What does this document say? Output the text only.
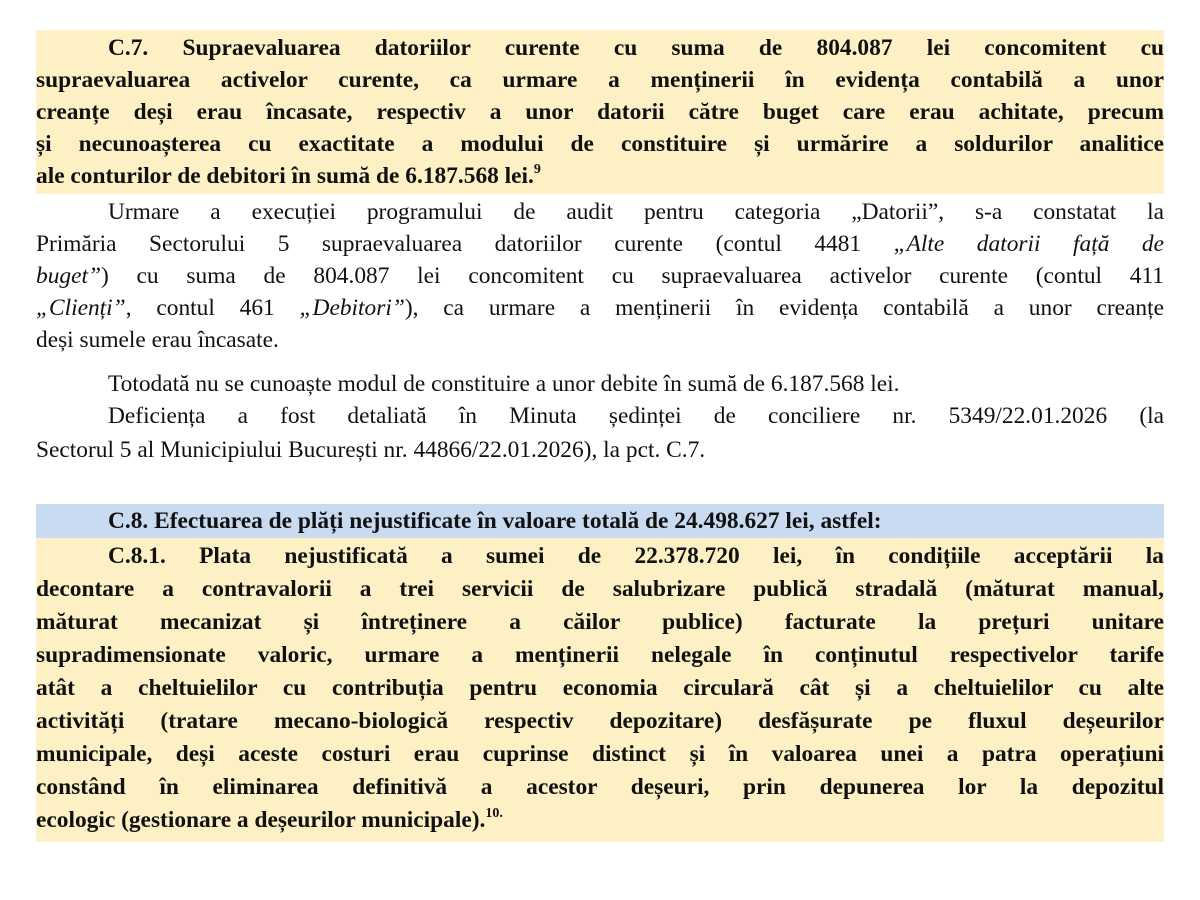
C.7. Supraevaluarea datoriilor curente cu suma de 804.087 lei concomitent cu
supraevaluarea activelor curente, ca urmare a menținerii în evidența contabilă a unor
creanțe deși erau încasate, respectiv a unor datorii către buget care erau achitate, precum
și necunoașterea cu exactitate a modului de constituire și urmărire a soldurilor analitice
ale conturilor de debitori în sumă de 6.187.568 lei.$^9$
Urmare a execuției programului de audit pentru categoria „Datorii”, s-a constatat la
Primăria Sectorului 5 supraevaluarea datoriilor curente (contul 4481 „Alte datorii față de
buget”) cu suma de 804.087 lei concomitent cu supraevaluarea activelor curente (contul 411
„Clienți”, contul 461 „Debitori”), ca urmare a menținerii în evidența contabilă a unor creanțe
deși sumele erau încasate.
Totodată nu se cunoaște modul de constituire a unor debite în sumă de 6.187.568 lei.
Deficiența a fost detaliată în Minuta ședinței de conciliere nr. 5349/22.01.2026 (la
Sectorul 5 al Municipiului București nr. 44866/22.01.2026), la pct. C.7.
C.8. Efectuarea de plăți nejustificate în valoare totală de 24.498.627 lei, astfel:
C.8.1. Plata nejustificată a sumei de 22.378.720 lei, în condițiile acceptării la
decontare a contravalorii a trei servicii de salubrizare publică stradală (măturat manual,
măturat mecanizat și întreținere a căilor publice) facturate la prețuri unitare
supradimensionate valoric, urmare a menținerii nelegale în conținutul respectivelor tarife
atât a cheltuielilor cu contribuția pentru economia circulară cât și a cheltuielilor cu alte
activități (tratare mecano-biologică respectiv depozitare) desfășurate pe fluxul deșeurilor
municipale, deși aceste costuri erau cuprinse distinct și în valoarea unei a patra operațiuni
constând în eliminarea definitivă a acestor deșeuri, prin depunerea lor la depozitul
ecologic (gestionare a deșeurilor municipale).$^{10.}$
